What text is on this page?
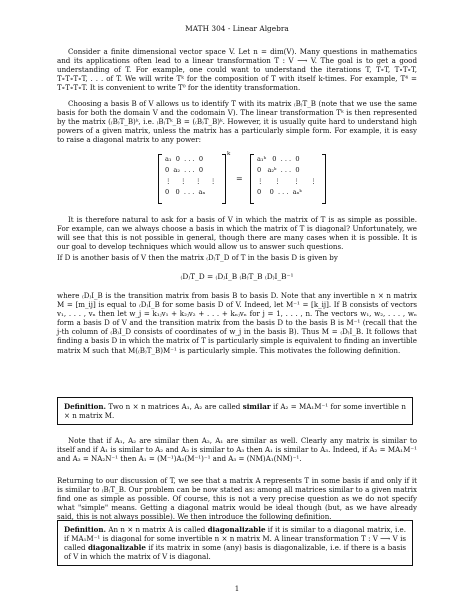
MATH 304 - Linear Algebra

Consider a finite dimensional vector space V. Let n = dim(V). Many questions in mathematics and its applications often lead to a linear transformation T : V ⟶ V. The goal is to get a good understanding of T. For example, one could want to understand the iterations T, T∘T, T∘T∘T, T∘T∘T∘T, . . . of T. We will write Tᵏ for the composition of T with itself k-times. For example, T⁴ = T∘T∘T∘T. It is convenient to write T⁰ for the identity transformation.

Choosing a basis B of V allows us to identify T with its matrix ₍B₎T_B (note that we use the same basis for both the domain V and the codomain V). The linear transformation Tᵏ is then represented by the matrix (₍B₎T_B)ᵏ, i.e. ₍B₎Tᵏ_B = (₍B₎T_B)ᵏ. However, it is usually quite hard to understand high powers of a given matrix, unless the matrix has a particularly simple form. For example, it is easy to raise a diagonal matrix to any power:

a₁  0  . . .  0
0  a₂  . . .  0
⋮    ⋮    ⋮    ⋮
0   0  . . .  aₙ
k
=
a₁ᵏ   0  . . .  0
0   a₂ᵏ  . . .  0
⋮     ⋮      ⋮     ⋮
0    0  . . .  aₙᵏ

It is therefore natural to ask for a basis of V in which the matrix of T is as simple as possible. For example, can we always choose a basis in which the matrix of T is diagonal? Unfortunately, we will see that this is not possible in general, though there are many cases when it is possible. It is our goal to develop techniques which would allow us to answer such questions.

If D is another basis of V then the matrix ₍D₎T_D of T in the basis D is given by

₍D₎T_D = ₍D₎I_B ₍B₎T_B ₍D₎I_B⁻¹

where ₍D₎I_B is the transition matrix from basis B to basis D. Note that any invertible n × n matrix M = [m_ij] is equal to ₍D₎I_B for some basis D of V. Indeed, let M⁻¹ = [k_ij]. If B consists of vectors v₁, . . . , vₙ then let w_j = k₁ⱼv₁ + k₂ⱼv₂ + . . . + kₙⱼvₙ for j = 1, . . . , n. The vectors w₁, w₂, . . . , wₙ form a basis D of V and the transition matrix from the basis D to the basis B is M⁻¹ (recall that the j-th column of ₍B₎I_D consists of coordinates of w_j in the basis B). Thus M = ₍D₎I_B. It follows that finding a basis D in which the matrix of T is particularly simple is equivalent to finding an invertible matrix M such that M(₍B₎T_B)M⁻¹ is particularly simple. This motivates the following definition.

Definition. Two n × n matrices A₁, A₂ are called similar if A₂ = MA₁M⁻¹ for some invertible n × n matrix M.

Note that if A₁, A₂ are similar then A₂, A₁ are similar as well. Clearly any matrix is similar to itself and if A₁ is similar to A₂ and A₂ is similar to A₃ then A₁ is similar to A₃. Indeed, if A₂ = MA₁M⁻¹ and A₃ = NA₂N⁻¹ then A₁ = (M⁻¹)A₂(M⁻¹)⁻¹ and A₃ = (NM)A₁(NM)⁻¹.

Returning to our discussion of T, we see that a matrix A represents T in some basis if and only if it is similar to ₍B₎T_B. Our problem can be now stated as: among all matrices similar to a given matrix find one as simple as possible. Of course, this is not a very precise question as we do not specify what "simple" means. Getting a diagonal matrix would be ideal though (but, as we have already said, this is not always possible). We then introduce the following definition.

Definition. An n × n matrix A is called diagonalizable if it is similar to a diagonal matrix, i.e. if MA₁M⁻¹ is diagonal for some invertible n × n matrix M. A linear transformation T : V ⟶ V is called diagonalizable if its matrix in some (any) basis is diagonalizable, i.e. if there is a basis of V in which the matrix of V is diagonal.
1
